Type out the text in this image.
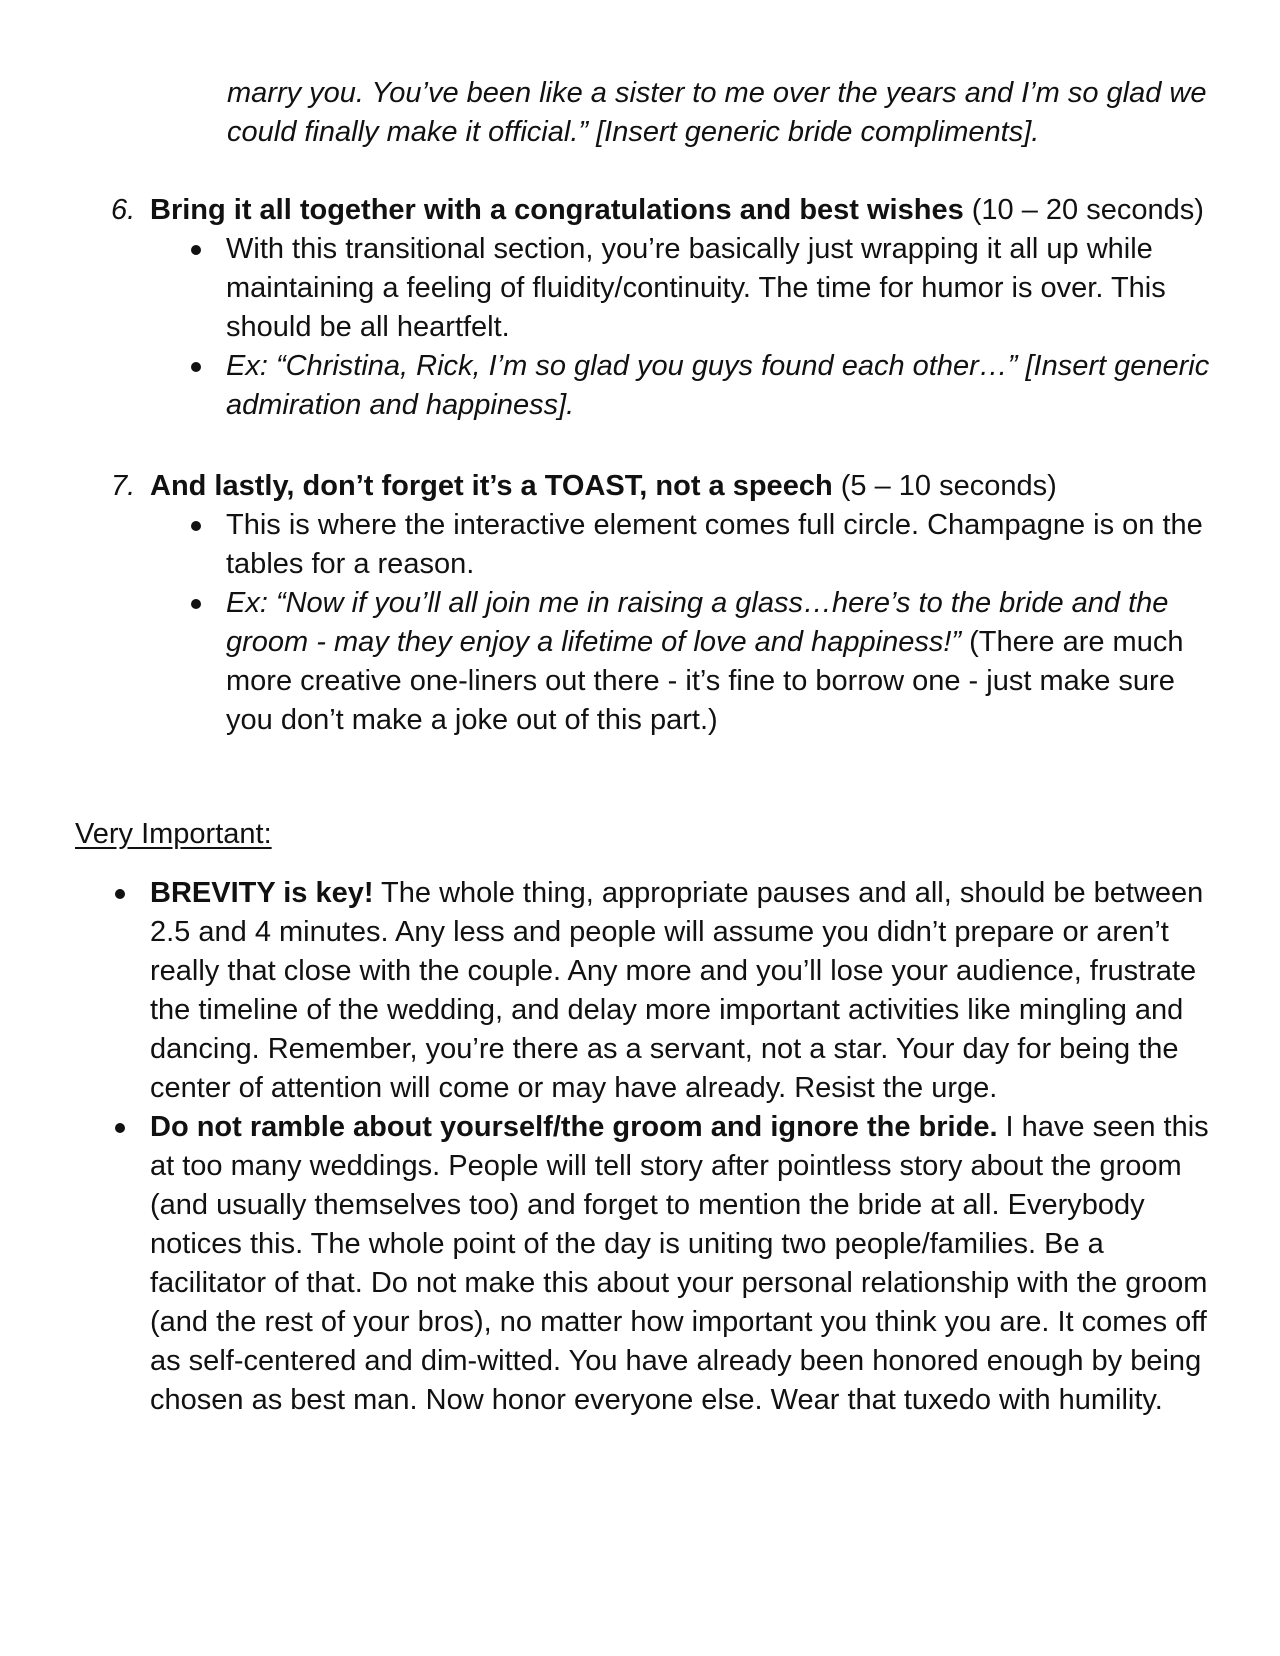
marry you. You’ve been like a sister to me over the years and I’m so glad we could finally make it official.” [Insert generic bride compliments].
6. Bring it all together with a congratulations and best wishes (10 – 20 seconds)
With this transitional section, you’re basically just wrapping it all up while maintaining a feeling of fluidity/continuity. The time for humor is over. This should be all heartfelt.
Ex: “Christina, Rick, I’m so glad you guys found each other…” [Insert generic admiration and happiness].
7. And lastly, don’t forget it’s a TOAST, not a speech (5 – 10 seconds)
This is where the interactive element comes full circle. Champagne is on the tables for a reason.
Ex: “Now if you’ll all join me in raising a glass…here’s to the bride and the groom - may they enjoy a lifetime of love and happiness!” (There are much more creative one-liners out there - it’s fine to borrow one - just make sure you don’t make a joke out of this part.)
Very Important:
BREVITY is key! The whole thing, appropriate pauses and all, should be between 2.5 and 4 minutes. Any less and people will assume you didn’t prepare or aren’t really that close with the couple. Any more and you’ll lose your audience, frustrate the timeline of the wedding, and delay more important activities like mingling and dancing. Remember, you’re there as a servant, not a star. Your day for being the center of attention will come or may have already. Resist the urge.
Do not ramble about yourself/the groom and ignore the bride. I have seen this at too many weddings. People will tell story after pointless story about the groom (and usually themselves too) and forget to mention the bride at all. Everybody notices this. The whole point of the day is uniting two people/families. Be a facilitator of that. Do not make this about your personal relationship with the groom (and the rest of your bros), no matter how important you think you are. It comes off as self-centered and dim-witted. You have already been honored enough by being chosen as best man. Now honor everyone else. Wear that tuxedo with humility.
